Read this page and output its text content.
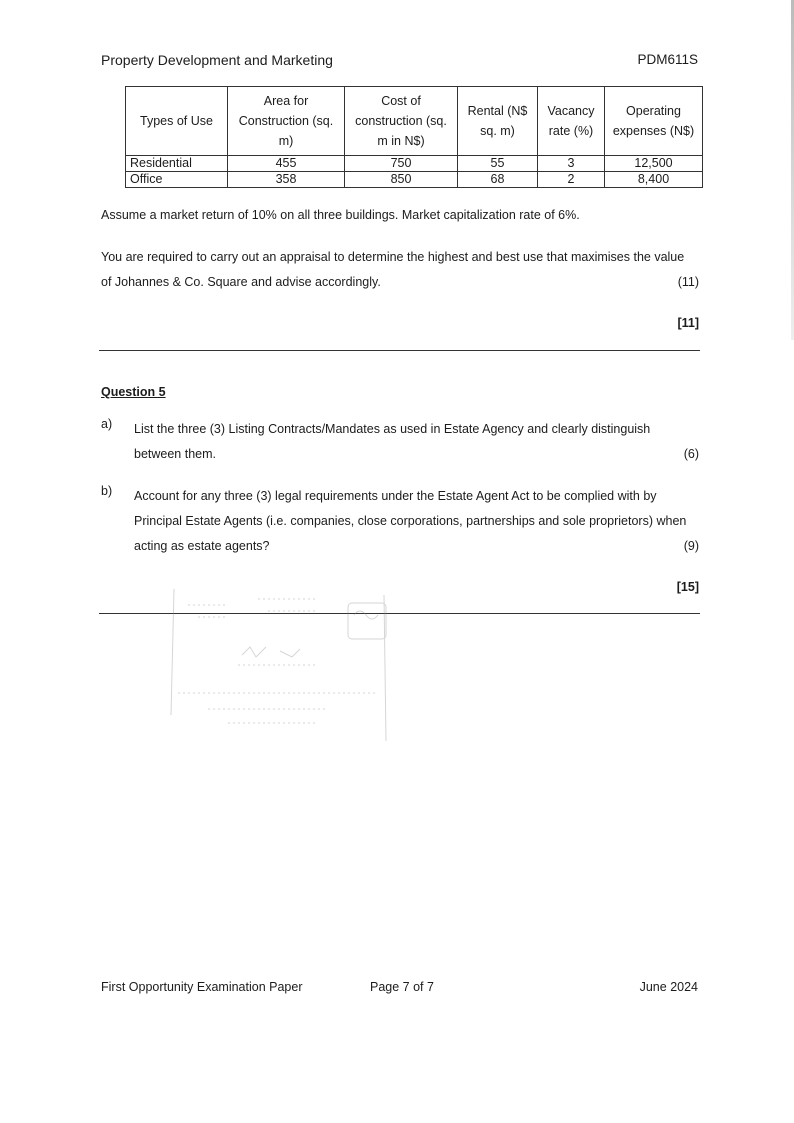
Property Development and Marketing	PDM611S
Types of Use	Area for Construction (sq. m)	Cost of construction (sq. m in N$)	Rental (N$ sq. m)	Vacancy rate (%)	Operating expenses (N$)
Residential	455	750	55	3	12,500
Office	358	850	68	2	8,400
Assume a market return of 10% on all three buildings. Market capitalization rate of 6%.
You are required to carry out an appraisal to determine the highest and best use that maximises the value
of Johannes & Co. Square and advise accordingly.	(11)
[11]
Question 5
a) List the three (3) Listing Contracts/Mandates as used in Estate Agency and clearly distinguish
between them.	(6)
b) Account for any three (3) legal requirements under the Estate Agent Act to be complied with by
Principal Estate Agents (i.e. companies, close corporations, partnerships and sole proprietors) when
acting as estate agents?	(9)
[15]
First Opportunity Examination Paper	Page 7 of 7	June 2024
